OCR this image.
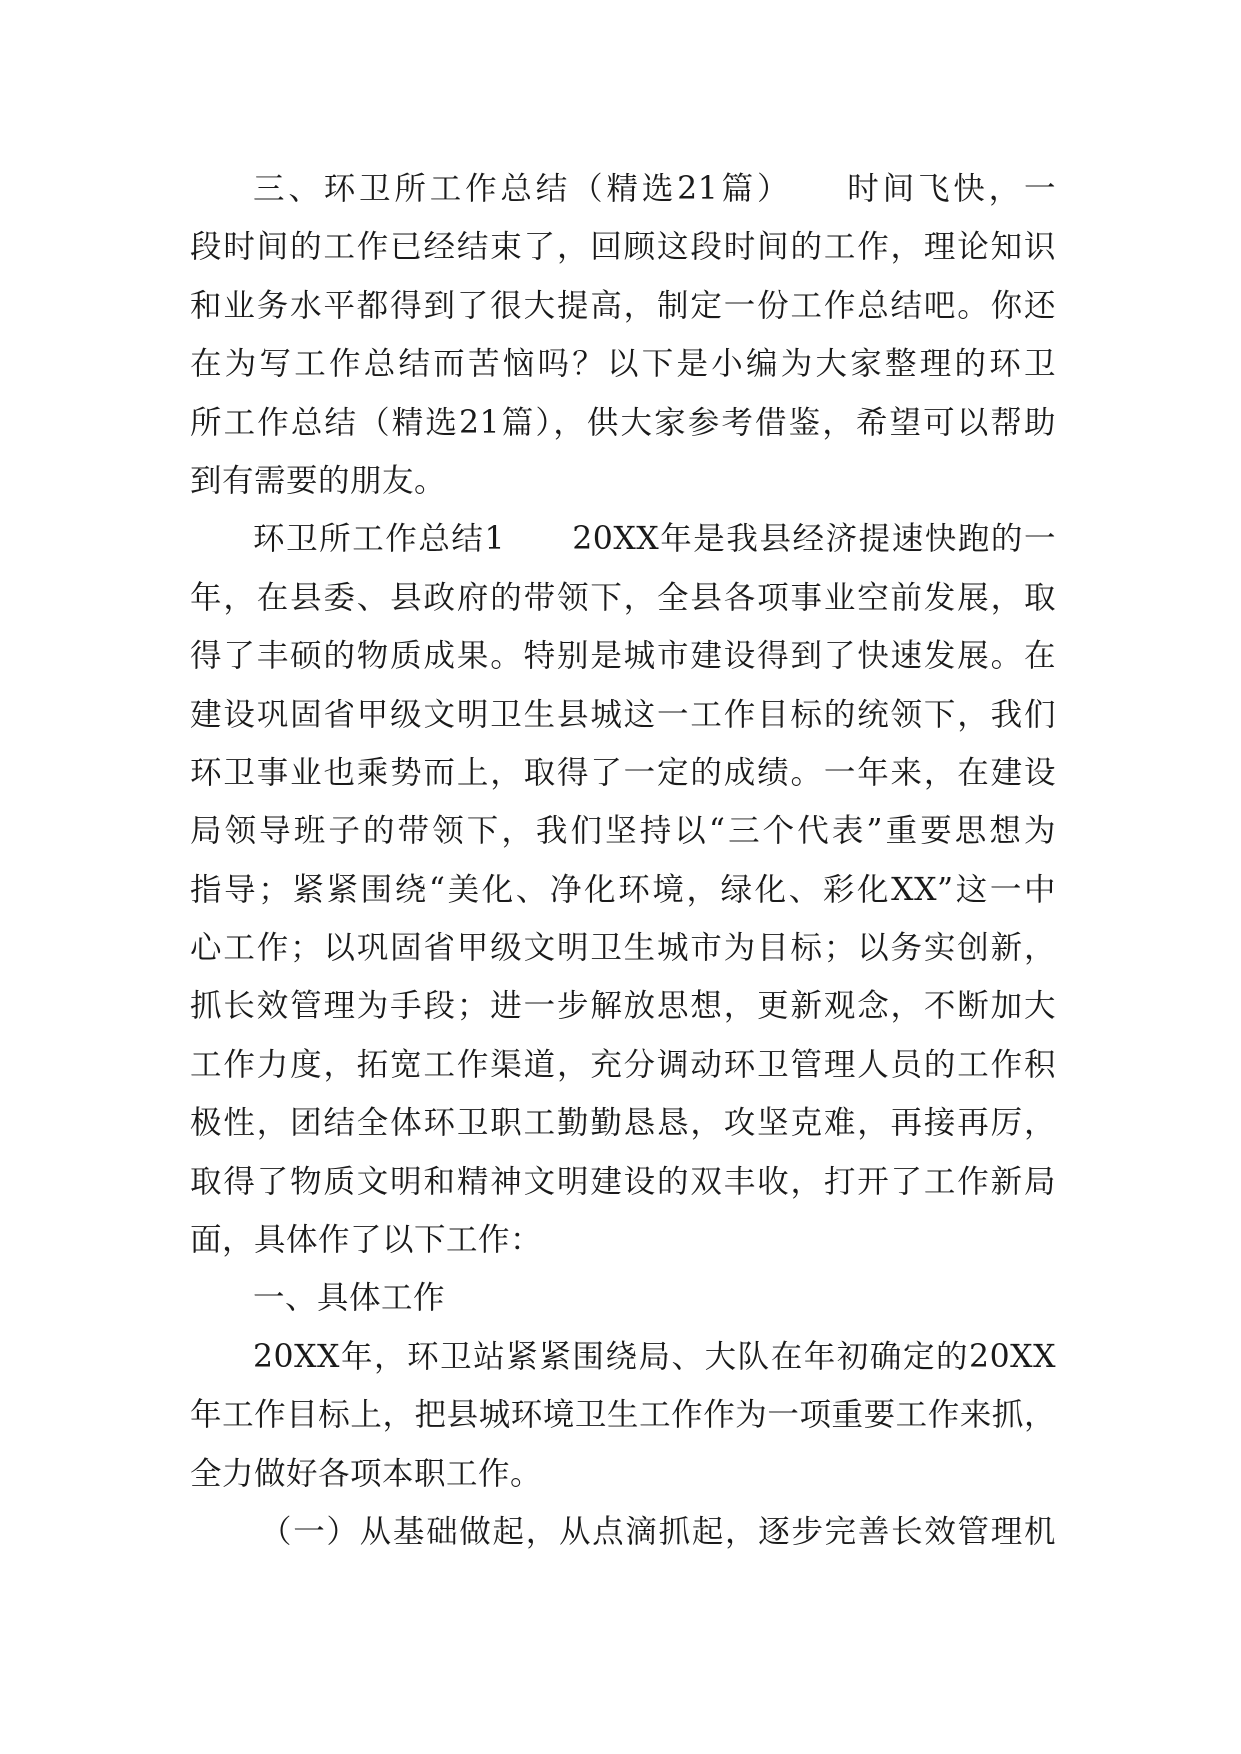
三、环卫所工作总结（精选21篇）　　时间飞快，一
段时间的工作已经结束了，回顾这段时间的工作，理论知识
和业务水平都得到了很大提高，制定一份工作总结吧。你还
在为写工作总结而苦恼吗？以下是小编为大家整理的环卫
所工作总结（精选21篇），供大家参考借鉴，希望可以帮助
到有需要的朋友。
环卫所工作总结1　　20XX年是我县经济提速快跑的一
年，在县委、县政府的带领下，全县各项事业空前发展，取
得了丰硕的物质成果。特别是城市建设得到了快速发展。在
建设巩固省甲级文明卫生县城这一工作目标的统领下，我们
环卫事业也乘势而上，取得了一定的成绩。一年来，在建设
局领导班子的带领下，我们坚持以“三个代表”重要思想为
指导；紧紧围绕“美化、净化环境，绿化、彩化XX”这一中
心工作；以巩固省甲级文明卫生城市为目标；以务实创新，
抓长效管理为手段；进一步解放思想，更新观念，不断加大
工作力度，拓宽工作渠道，充分调动环卫管理人员的工作积
极性，团结全体环卫职工勤勤恳恳，攻坚克难，再接再厉，
取得了物质文明和精神文明建设的双丰收，打开了工作新局
面，具体作了以下工作：
一、具体工作
20XX年，环卫站紧紧围绕局、大队在年初确定的20XX
年工作目标上，把县城环境卫生工作作为一项重要工作来抓，
全力做好各项本职工作。
（一）从基础做起，从点滴抓起，逐步完善长效管理机
